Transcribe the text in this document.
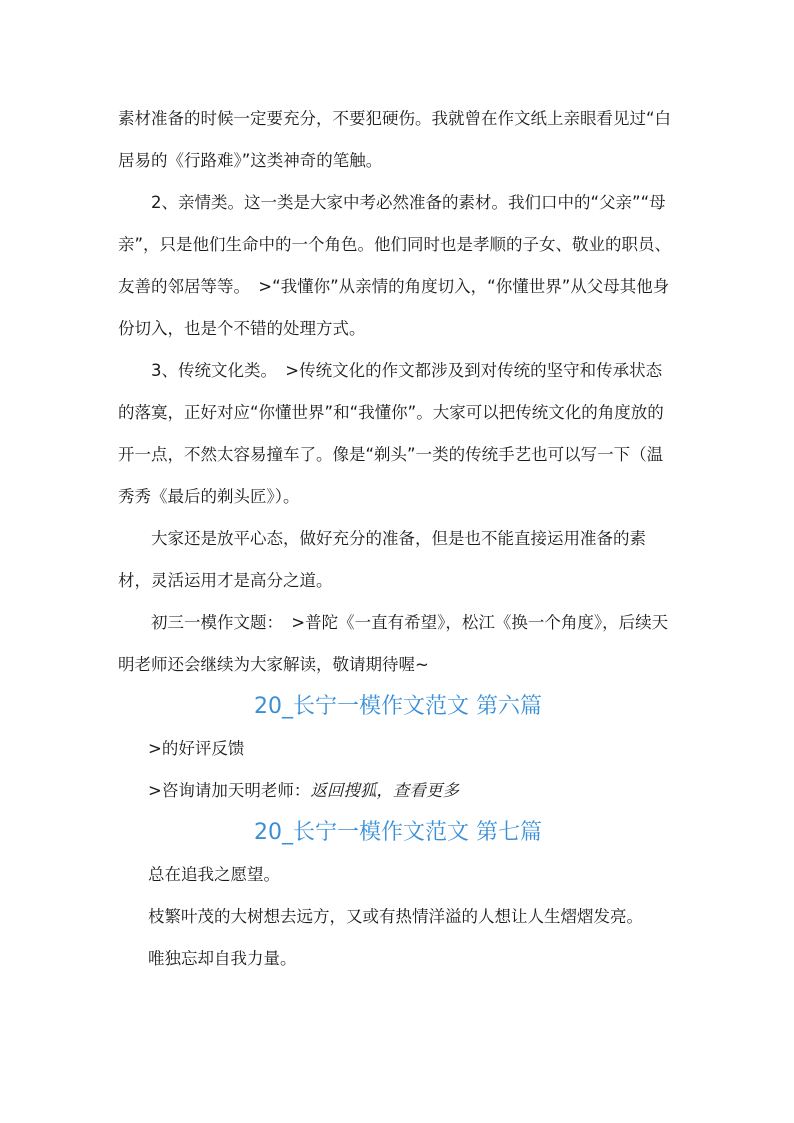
素材准备的时候一定要充分，不要犯硬伤。我就曾在作文纸上亲眼看见过“白居易的《行路难》”这类神奇的笔触。

2、亲情类。这一类是大家中考必然准备的素材。我们口中的“父亲”“母亲”，只是他们生命中的一个角色。他们同时也是孝顺的子女、敬业的职员、友善的邻居等等。　>“我懂你”从亲情的角度切入，“你懂世界”从父母其他身份切入，也是个不错的处理方式。

3、传统文化类。　>传统文化的作文都涉及到对传统的坚守和传承状态的落寞，正好对应“你懂世界”和“我懂你”。大家可以把传统文化的角度放的开一点，不然太容易撞车了。像是“剃头”一类的传统手艺也可以写一下（温秀秀《最后的剃头匠》）。

大家还是放平心态，做好充分的准备，但是也不能直接运用准备的素材，灵活运用才是高分之道。

初三一模作文题：　>普陀《一直有希望》，松江《换一个角度》，后续天明老师还会继续为大家解读，敬请期待喔~

20_长宁一模作文范文 第六篇

>的好评反馈

>咨询请加天明老师：返回搜狐，查看更多

20_长宁一模作文范文 第七篇

总在追我之愿望。

枝繁叶茂的大树想去远方，又或有热情洋溢的人想让人生熠熠发亮。

唯独忘却自我力量。
